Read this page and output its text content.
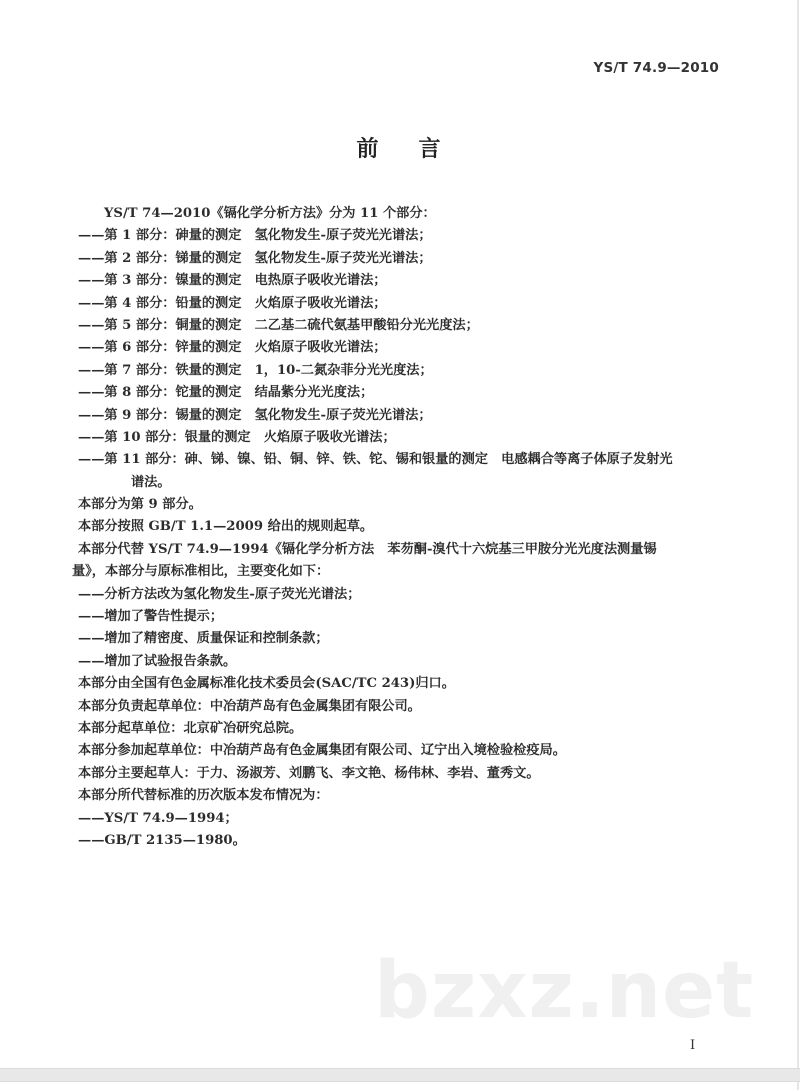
YS/T 74.9—2010
前言
YS/T 74—2010《镉化学分析方法》分为 11 个部分：
——第 1 部分：砷量的测定　氢化物发生-原子荧光光谱法；
——第 2 部分：锑量的测定　氢化物发生-原子荧光光谱法；
——第 3 部分：镍量的测定　电热原子吸收光谱法；
——第 4 部分：铅量的测定　火焰原子吸收光谱法；
——第 5 部分：铜量的测定　二乙基二硫代氨基甲酸铅分光光度法；
——第 6 部分：锌量的测定　火焰原子吸收光谱法；
——第 7 部分：铁量的测定　1，10-二氮杂菲分光光度法；
——第 8 部分：铊量的测定　结晶紫分光光度法；
——第 9 部分：锡量的测定　氢化物发生-原子荧光光谱法；
——第 10 部分：银量的测定　火焰原子吸收光谱法；
——第 11 部分：砷、锑、镍、铅、铜、锌、铁、铊、锡和银量的测定　电感耦合等离子体原子发射光
谱法。
本部分为第 9 部分。
本部分按照 GB/T 1.1—2009 给出的规则起草。
本部分代替 YS/T 74.9—1994《镉化学分析方法　苯芴酮-溴代十六烷基三甲胺分光光度法测量锡
量》，本部分与原标准相比，主要变化如下：
——分析方法改为氢化物发生-原子荧光光谱法；
——增加了警告性提示；
——增加了精密度、质量保证和控制条款；
——增加了试验报告条款。
本部分由全国有色金属标准化技术委员会(SAC/TC 243)归口。
本部分负责起草单位：中冶葫芦岛有色金属集团有限公司。
本部分起草单位：北京矿冶研究总院。
本部分参加起草单位：中冶葫芦岛有色金属集团有限公司、辽宁出入境检验检疫局。
本部分主要起草人：于力、汤淑芳、刘鹏飞、李文艳、杨伟林、李岩、董秀文。
本部分所代替标准的历次版本发布情况为：
——YS/T 74.9—1994；
——GB/T 2135—1980。
bzxz.net
I
